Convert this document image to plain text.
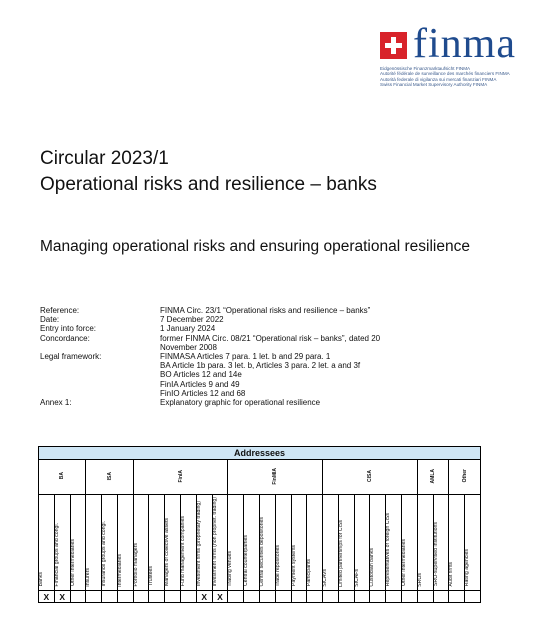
finma
Eidgenössische Finanzmarktaufsicht FINMA
Autorité fédérale de surveillance des marchés financiers FINMA
Autorità federale di vigilanza sui mercati finanziari FINMA
Swiss Financial Market Supervisory Authority FINMA
Circular 2023/1
Operational risks and resilience – banks

Managing operational risks and ensuring operational resilience

Reference:	FINMA Circ. 23/1 “Operational risks and resilience – banks”
Date:	7 December 2022
Entry into force:	1 January 2024
Concordance:	former FINMA Circ. 08/21 “Operational risk – banks”, dated 20 November 2008
Legal framework:	FINMASA Articles 7 para. 1 let. b and 29 para. 1
BA Article 1b para. 3 let. b, Articles 3 para. 2 let. a and 3f
BO Articles 12 and 14e
FinIA Articles 9 and 49
FinIO Articles 12 and 68
Annex 1:	Explanatory graphic for operational resilience
Addressees																											
BA			ISA			FinIA						FinMIA						CISA						AMLA		Other	
Banks	Financial groups and congl.	Other intermediaries	Insurers	Insurance groups and congl.	Intermediaries	Portfolio managers	Trustees	Managers of collective assets	Fund management companies	Investment firms (proprietary trading)	Investment firms (non propriet. trading)	Trading venues	Central counterparties	Central securities depositories	Trade repositories	Payment systems	Participants	SICAVs	Limited partnerships for CISs	SICAFs	Custodian banks	Representatives of foreign CISs	Other intermediaries	SROs	SRO-supervised institutions	Audit firms	Rating agencies
X	X									X	X																
